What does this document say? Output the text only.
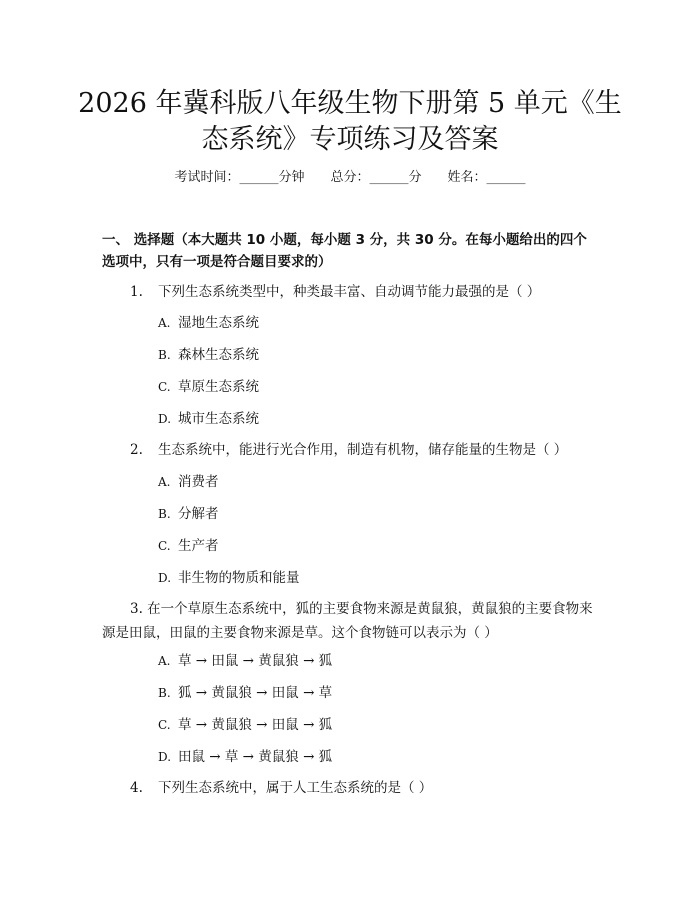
2026 年冀科版八年级生物下册第 5 单元《生
态系统》专项练习及答案
考试时间：______分钟 总分：______分 姓名：______
一、 选择题（本大题共 10 小题，每小题 3 分，共 30 分。在每小题给出的四个选项中，只有一项是符合题目要求的）
1. 下列生态系统类型中，种类最丰富、自动调节能力最强的是（ ）
A. 湿地生态系统
B. 森林生态系统
C. 草原生态系统
D. 城市生态系统
2. 生态系统中，能进行光合作用，制造有机物，储存能量的生物是（ ）
A. 消费者
B. 分解者
C. 生产者
D. 非生物的物质和能量
3. 在一个草原生态系统中，狐的主要食物来源是黄鼠狼，黄鼠狼的主要食物来源是田鼠，田鼠的主要食物来源是草。这个食物链可以表示为（ ）
A. 草 → 田鼠 → 黄鼠狼 → 狐
B. 狐 → 黄鼠狼 → 田鼠 → 草
C. 草 → 黄鼠狼 → 田鼠 → 狐
D. 田鼠 → 草 → 黄鼠狼 → 狐
4. 下列生态系统中，属于人工生态系统的是（ ）
